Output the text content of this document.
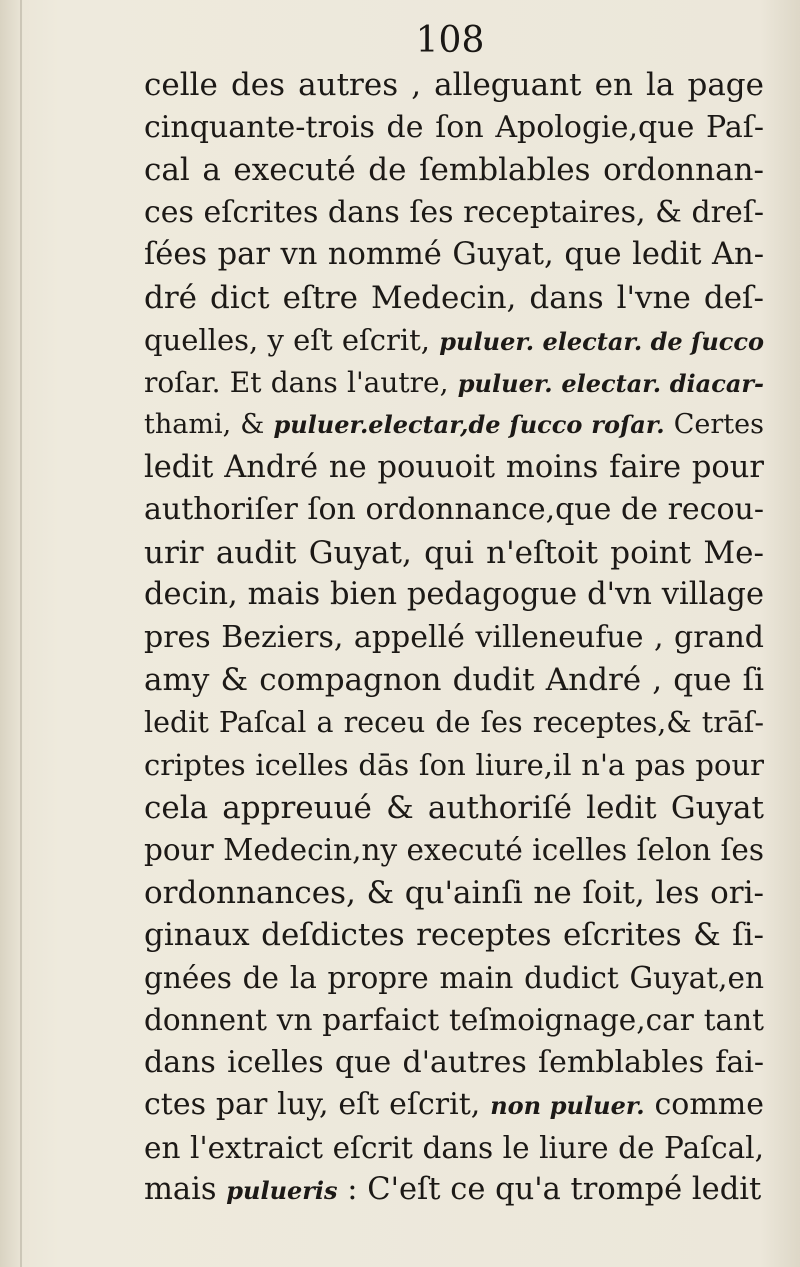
108
celle des autres , alleguant en la page
cinquante-trois de ſon Apologie,que Paſ-
cal a executé de ſemblables ordonnan-
ces eſcrites dans ſes receptaires, & dreſ-
ſées par vn nommé Guyat, que ledit An-
dré dict eſtre Medecin, dans l'vne deſ-
quelles, y eſt eſcrit, puluer. electar. de ſucco
roſar. Et dans l'autre, puluer. electar. diacar-
thami, & puluer.electar,de ſucco roſar. Certes
ledit André ne pouuoit moins faire pour
authoriſer ſon ordonnance,que de recou-
urir audit Guyat, qui n'eſtoit point Me-
decin, mais bien pedagogue d'vn village
pres Beziers, appellé villeneufue , grand
amy & compagnon dudit André , que ſi
ledit Paſcal a receu de ſes receptes,& trāſ-
criptes icelles dās ſon liure,il n'a pas pour
cela appreuué & authoriſé ledit Guyat
pour Medecin,ny executé icelles ſelon ſes
ordonnances, & qu'ainſi ne ſoit, les ori-
ginaux deſdictes receptes eſcrites & ſi-
gnées de la propre main dudict Guyat,en
donnent vn parfaict teſmoignage,car tant
dans icelles que d'autres ſemblables fai-
ctes par luy, eſt eſcrit, non puluer. comme
en l'extraict eſcrit dans le liure de Paſcal,
mais pulueris : C'eſt ce qu'a trompé ledit
